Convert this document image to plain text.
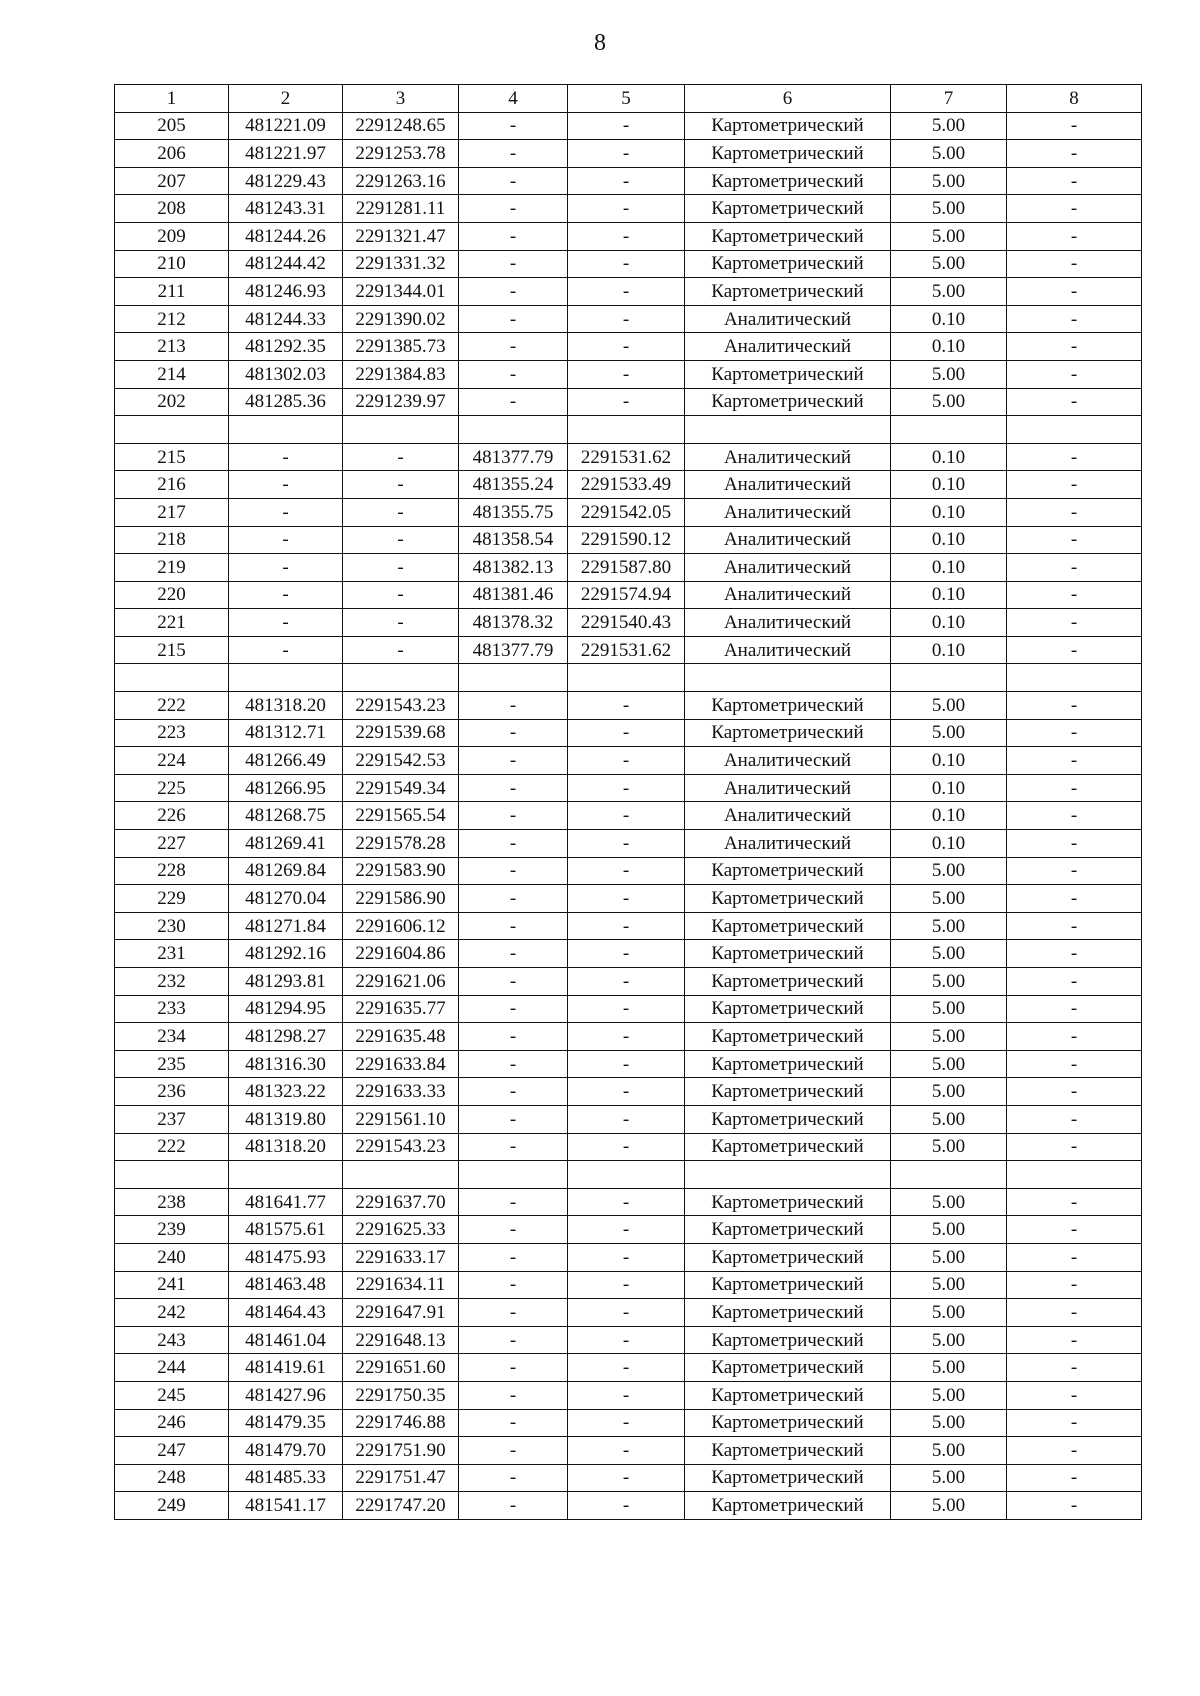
8
1	2	3	4	5	6	7	8
205	481221.09	2291248.65	-	-	Картометрический	5.00	-
206	481221.97	2291253.78	-	-	Картометрический	5.00	-
207	481229.43	2291263.16	-	-	Картометрический	5.00	-
208	481243.31	2291281.11	-	-	Картометрический	5.00	-
209	481244.26	2291321.47	-	-	Картометрический	5.00	-
210	481244.42	2291331.32	-	-	Картометрический	5.00	-
211	481246.93	2291344.01	-	-	Картометрический	5.00	-
212	481244.33	2291390.02	-	-	Аналитический	0.10	-
213	481292.35	2291385.73	-	-	Аналитический	0.10	-
214	481302.03	2291384.83	-	-	Картометрический	5.00	-
202	481285.36	2291239.97	-	-	Картометрический	5.00	-

215	-	-	481377.79	2291531.62	Аналитический	0.10	-
216	-	-	481355.24	2291533.49	Аналитический	0.10	-
217	-	-	481355.75	2291542.05	Аналитический	0.10	-
218	-	-	481358.54	2291590.12	Аналитический	0.10	-
219	-	-	481382.13	2291587.80	Аналитический	0.10	-
220	-	-	481381.46	2291574.94	Аналитический	0.10	-
221	-	-	481378.32	2291540.43	Аналитический	0.10	-
215	-	-	481377.79	2291531.62	Аналитический	0.10	-

222	481318.20	2291543.23	-	-	Картометрический	5.00	-
223	481312.71	2291539.68	-	-	Картометрический	5.00	-
224	481266.49	2291542.53	-	-	Аналитический	0.10	-
225	481266.95	2291549.34	-	-	Аналитический	0.10	-
226	481268.75	2291565.54	-	-	Аналитический	0.10	-
227	481269.41	2291578.28	-	-	Аналитический	0.10	-
228	481269.84	2291583.90	-	-	Картометрический	5.00	-
229	481270.04	2291586.90	-	-	Картометрический	5.00	-
230	481271.84	2291606.12	-	-	Картометрический	5.00	-
231	481292.16	2291604.86	-	-	Картометрический	5.00	-
232	481293.81	2291621.06	-	-	Картометрический	5.00	-
233	481294.95	2291635.77	-	-	Картометрический	5.00	-
234	481298.27	2291635.48	-	-	Картометрический	5.00	-
235	481316.30	2291633.84	-	-	Картометрический	5.00	-
236	481323.22	2291633.33	-	-	Картометрический	5.00	-
237	481319.80	2291561.10	-	-	Картометрический	5.00	-
222	481318.20	2291543.23	-	-	Картометрический	5.00	-

238	481641.77	2291637.70	-	-	Картометрический	5.00	-
239	481575.61	2291625.33	-	-	Картометрический	5.00	-
240	481475.93	2291633.17	-	-	Картометрический	5.00	-
241	481463.48	2291634.11	-	-	Картометрический	5.00	-
242	481464.43	2291647.91	-	-	Картометрический	5.00	-
243	481461.04	2291648.13	-	-	Картометрический	5.00	-
244	481419.61	2291651.60	-	-	Картометрический	5.00	-
245	481427.96	2291750.35	-	-	Картометрический	5.00	-
246	481479.35	2291746.88	-	-	Картометрический	5.00	-
247	481479.70	2291751.90	-	-	Картометрический	5.00	-
248	481485.33	2291751.47	-	-	Картометрический	5.00	-
249	481541.17	2291747.20	-	-	Картометрический	5.00	-
